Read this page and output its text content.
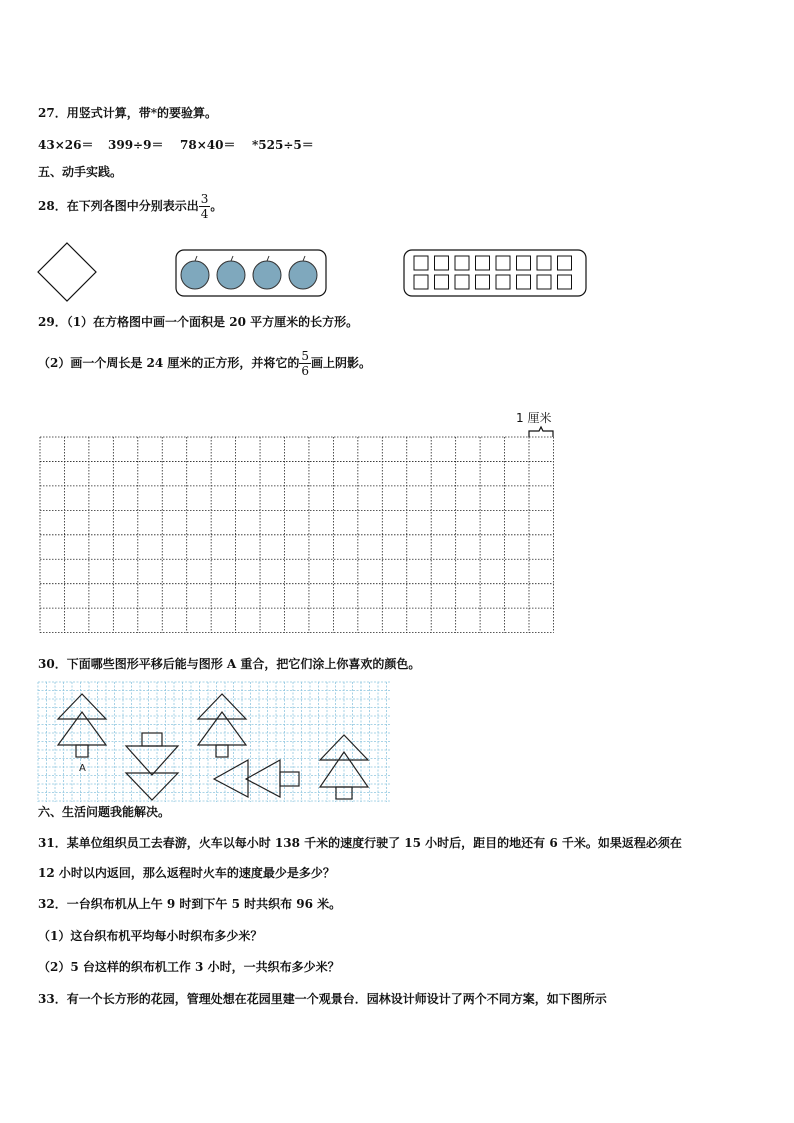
27．用竖式计算，带*的要验算。
43×26＝ 399÷9＝ 78×40＝ *525÷5＝
五、动手实践。
28．在下列各图中分别表示出 $\frac{3}{4}$ 。
29．（1）在方格图中画一个面积是 20 平方厘米的长方形。
（2）画一个周长是 24 厘米的正方形，并将它的 $\frac{5}{6}$ 画上阴影。
1 厘米
30．下面哪些图形平移后能与图形 A 重合，把它们涂上你喜欢的颜色。
A
六、生活问题我能解决。
31．某单位组织员工去春游，火车以每小时 138 千米的速度行驶了 15 小时后，距目的地还有 6 千米。如果返程必须在
12 小时以内返回，那么返程时火车的速度最少是多少？
32．一台织布机从上午 9 时到下午 5 时共织布 96 米。
（1）这台织布机平均每小时织布多少米？
（2）5 台这样的织布机工作 3 小时，一共织布多少米？
33．有一个长方形的花园，管理处想在花园里建一个观景台．园林设计师设计了两个不同方案，如下图所示
